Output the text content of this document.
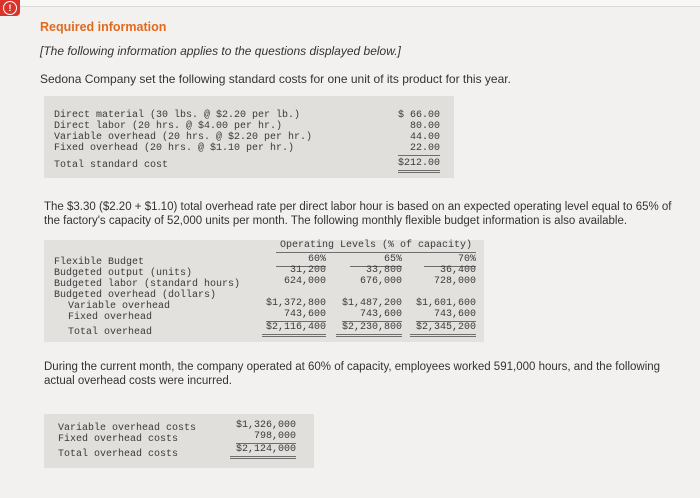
!
Required information
[The following information applies to the questions displayed below.]
Sedona Company set the following standard costs for one unit of its product for this year.
Direct material (30 lbs. @ $2.20 per lb.)
Direct labor (20 hrs. @ $4.00 per hr.)
Variable overhead (20 hrs. @ $2.20 per hr.)
Fixed overhead (20 hrs. @ $1.10 per hr.)
Total standard cost
$ 66.00
80.00
44.00
22.00
$212.00
The $3.30 ($2.20 + $1.10) total overhead rate per direct labor hour is based on an expected operating level equal to 65% of the factory's capacity of 52,000 units per month. The following monthly flexible budget information is also available.
Operating Levels (% of capacity)
Flexible Budget
Budgeted output (units)
Budgeted labor (standard hours)
Budgeted overhead (dollars)
Variable overhead
Fixed overhead
Total overhead
60%
31,200
624,000
$1,372,800
743,600
$2,116,400
65%
33,800
676,000
$1,487,200
743,600
$2,230,800
70%
36,400
728,000
$1,601,600
743,600
$2,345,200
During the current month, the company operated at 60% of capacity, employees worked 591,000 hours, and the following actual overhead costs were incurred.
Variable overhead costs
Fixed overhead costs
Total overhead costs
$1,326,000
798,000
$2,124,000
